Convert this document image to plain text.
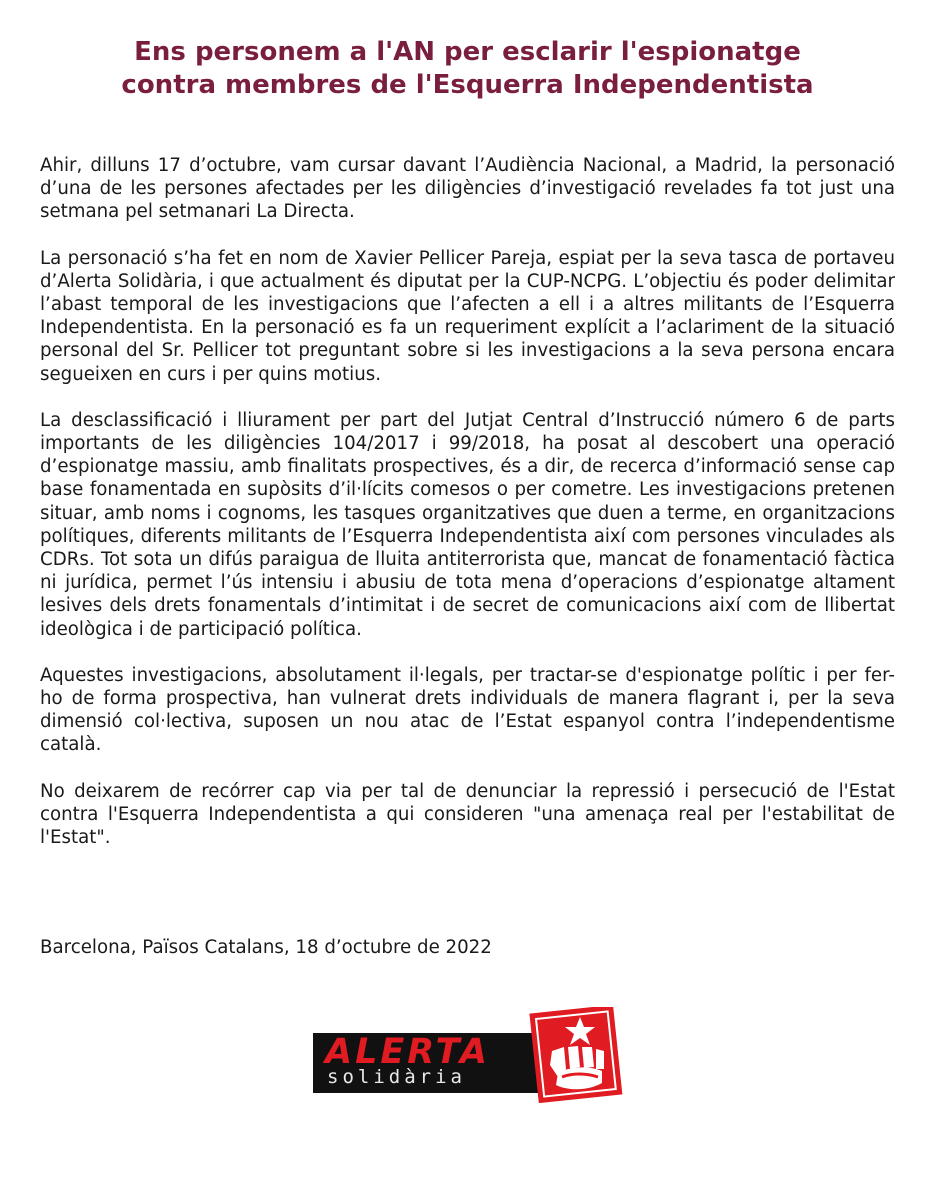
Ens personem a l'AN per esclarir l'espionatge
contra membres de l'Esquerra Independentista

Ahir, dilluns 17 d’octubre, vam cursar davant l’Audiència Nacional, a Madrid, la personació d’una de les persones afectades per les diligències d’investigació revelades fa tot just una setmana pel setmanari La Directa.

La personació s’ha fet en nom de Xavier Pellicer Pareja, espiat per la seva tasca de portaveu d’Alerta Solidària, i que actualment és diputat per la CUP-NCPG. L’objectiu és poder delimitar l’abast temporal de les investigacions que l’afecten a ell i a altres militants de l’Esquerra Independentista. En la personació es fa un requeriment explícit a l’aclariment de la situació personal del Sr. Pellicer tot preguntant sobre si les investigacions a la seva persona encara segueixen en curs i per quins motius.

La desclassificació i lliurament per part del Jutjat Central d’Instrucció número 6 de parts importants de les diligències 104/2017 i 99/2018, ha posat al descobert una operació d’espionatge massiu, amb finalitats prospectives, és a dir, de recerca d’informació sense cap base fonamentada en supòsits d’il·lícits comesos o per cometre. Les investigacions pretenen situar, amb noms i cognoms, les tasques organitzatives que duen a terme, en organitzacions polítiques, diferents militants de l’Esquerra Independentista així com persones vinculades als CDRs. Tot sota un difús paraigua de lluita antiterrorista que, mancat de fonamentació fàctica ni jurídica, permet l’ús intensiu i abusiu de tota mena d’operacions d’espionatge altament lesives dels drets fonamentals d’intimitat i de secret de comunicacions així com de llibertat ideològica i de participació política.

Aquestes investigacions, absolutament il·legals, per tractar-se d'espionatge polític i per fer-ho de forma prospectiva, han vulnerat drets individuals de manera flagrant i, per la seva dimensió col·lectiva, suposen un nou atac de l’Estat espanyol contra l’independentisme català.

No deixarem de recórrer cap via per tal de denunciar la repressió i persecució de l'Estat contra l'Esquerra Independentista a qui consideren "una amenaça real per l'estabilitat de l'Estat".

Barcelona, Països Catalans, 18 d’octubre de 2022

ALERTA

solidària
